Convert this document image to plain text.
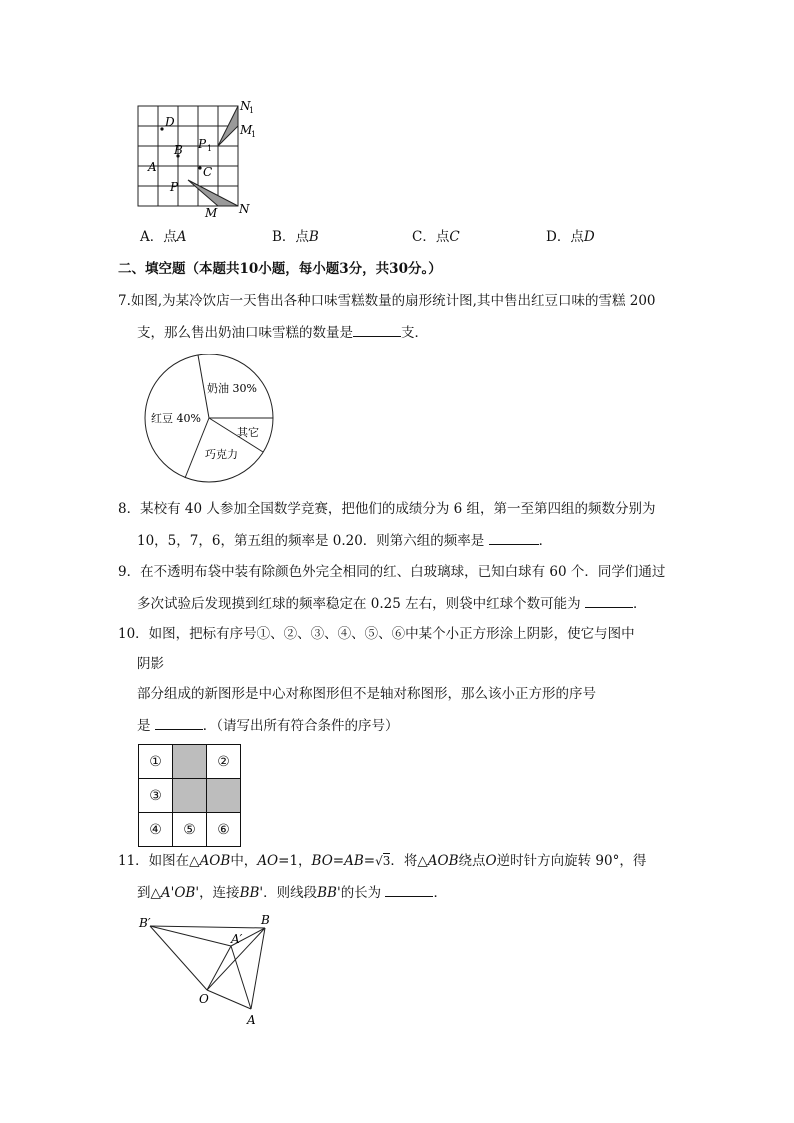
N
1
M
1
D
B P 1
A	C
P
M N
A．点A	B．点B	C．点C	D．点D
二、填空题（本题共10小题，每小题3分，共30分。）
7.如图,为某冷饮店一天售出各种口味雪糕数量的扇形统计图,其中售出红豆口味的雪糕 200
支，那么售出奶油口味雪糕的数量是	支．
奶油 30%
红豆 40%
其它
巧克力
8．某校有 40 人参加全国数学竞赛，把他们的成绩分为 6 组，第一至第四组的频数分别为
10，5，7，6，第五组的频率是 0.20．则第六组的频率是	．
9．在不透明布袋中装有除颜色外完全相同的红、白玻璃球，已知白球有 60 个．同学们通过
多次试验后发现摸到红球的频率稳定在 0.25 左右，则袋中红球个数可能为	．
10．如图，把标有序号①、②、③、④、⑤、⑥中某个小正方形涂上阴影，使它与图中
阴影
部分组成的新图形是中心对称图形但不是轴对称图形，那么该小正方形的序号
是	．（请写出所有符合条件的序号）
①		②
③		
④	⑤	⑥
11．如图在△AOB中，AO=1，BO=AB=√3．将△AOB绕点O逆时针方向旋转 90°，得
到△A'OB'，连接BB'．则线段BB'的长为	．
B′	B
A′
O
A
